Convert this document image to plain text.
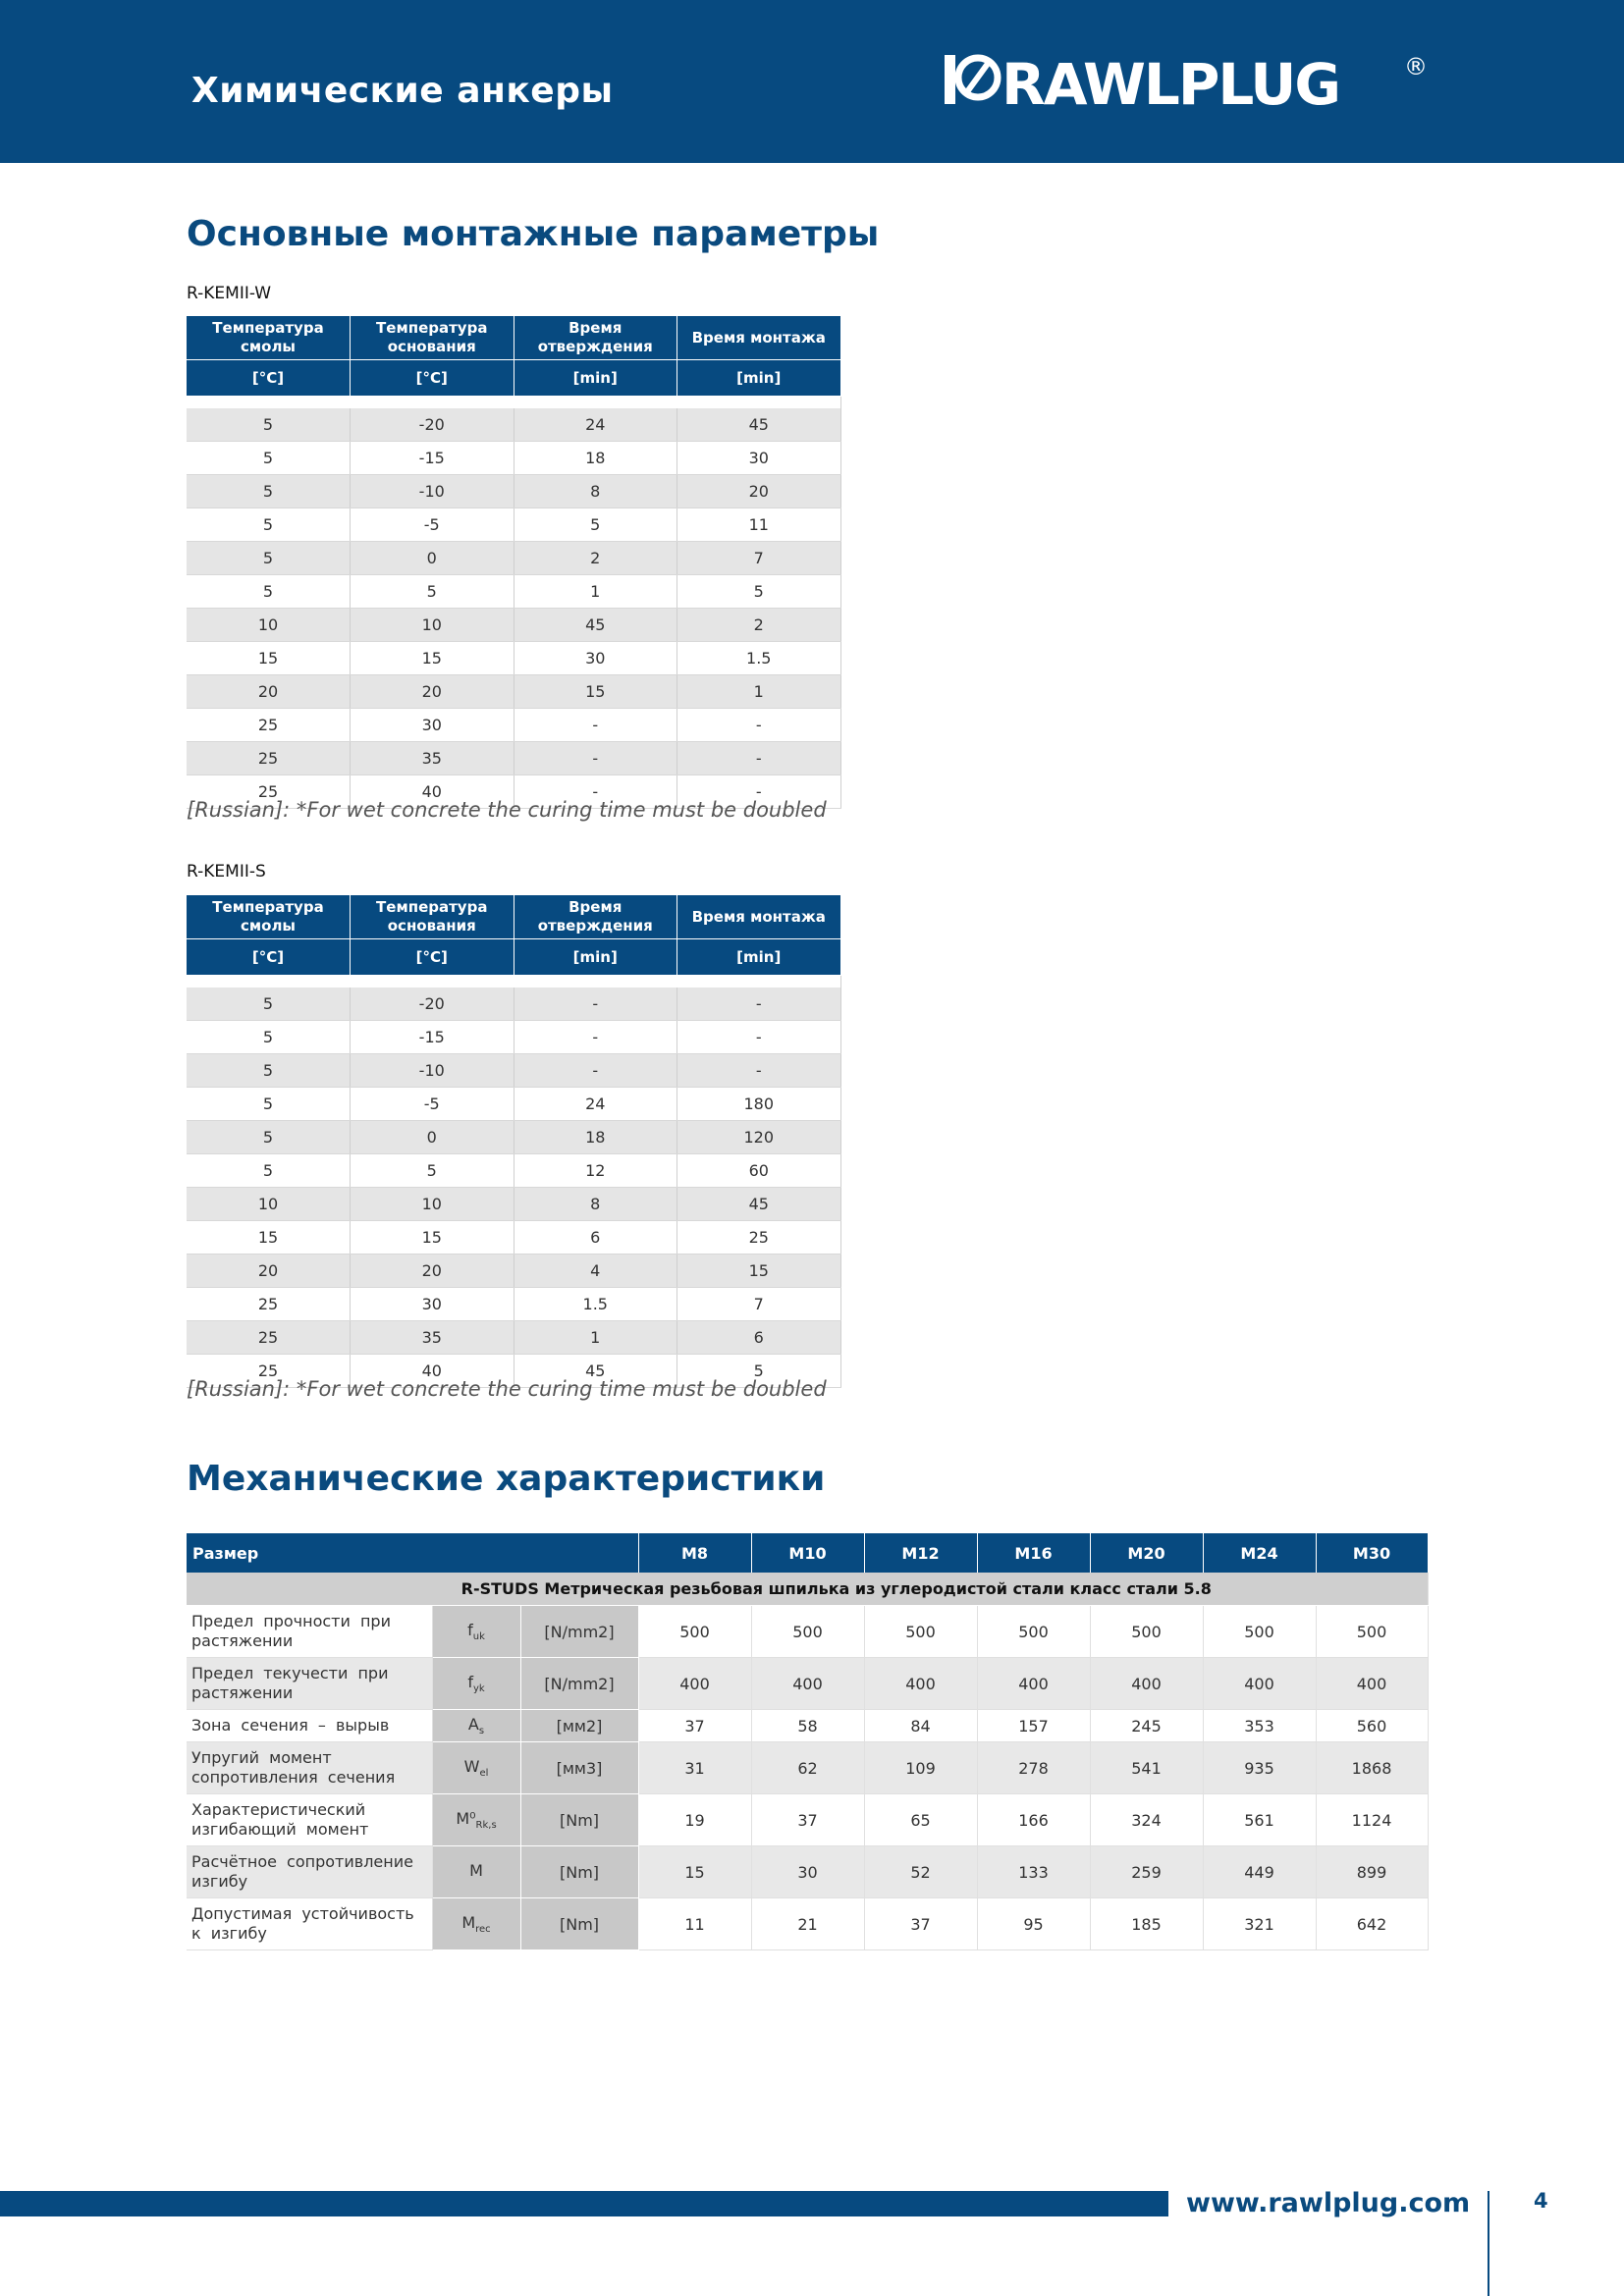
Химические анкеры	RAWLPLUG	®
Основные монтажные параметры
R-KEMII-W
Температура смолы	Температура основания	Время отверждения	Время монтажа
[°C]	[°C]	[min]	[min]

5	-20	24	45
5	-15	18	30
5	-10	8	20
5	-5	5	11
5	0	2	7
5	5	1	5
10	10	45	2
15	15	30	1.5
20	20	15	1
25	30	-	-
25	35	-	-
25	40	-	-
[Russian]: *For wet concrete the curing time must be doubled
R-KEMII-S
Температура смолы	Температура основания	Время отверждения	Время монтажа
[°C]	[°C]	[min]	[min]

5	-20	-	-
5	-15	-	-
5	-10	-	-
5	-5	24	180
5	0	18	120
5	5	12	60
10	10	8	45
15	15	6	25
20	20	4	15
25	30	1.5	7
25	35	1	6
25	40	45	5
[Russian]: *For wet concrete the curing time must be doubled
Механические характеристики
Размер			M8	M10	M12	M16	M20	M24	M30
R-STUDS Метрическая резьбовая шпилька из углеродистой стали класс стали 5.8									
Предел прочности при растяжении	$f_{uk}$	[N/mm2]	500	500	500	500	500	500	500
Предел текучести при растяжении	$f_{yk}$	[N/mm2]	400	400	400	400	400	400	400
Зона сечения – вырыв	$A_s$	[мм2]	37	58	84	157	245	353	560
Упругий момент сопротивления сечения	$W_{el}$	[мм3]	31	62	109	278	541	935	1868
Характеристический изгибающий момент	$M^0_{Rk,s}$	[Nm]	19	37	65	166	324	561	1124
Расчётное сопротивление изгибу	M	[Nm]	15	30	52	133	259	449	899
Допустимая устойчивость к изгибу	$M_{rec}$	[Nm]	11	21	37	95	185	321	642
www.rawlplug.com	4
